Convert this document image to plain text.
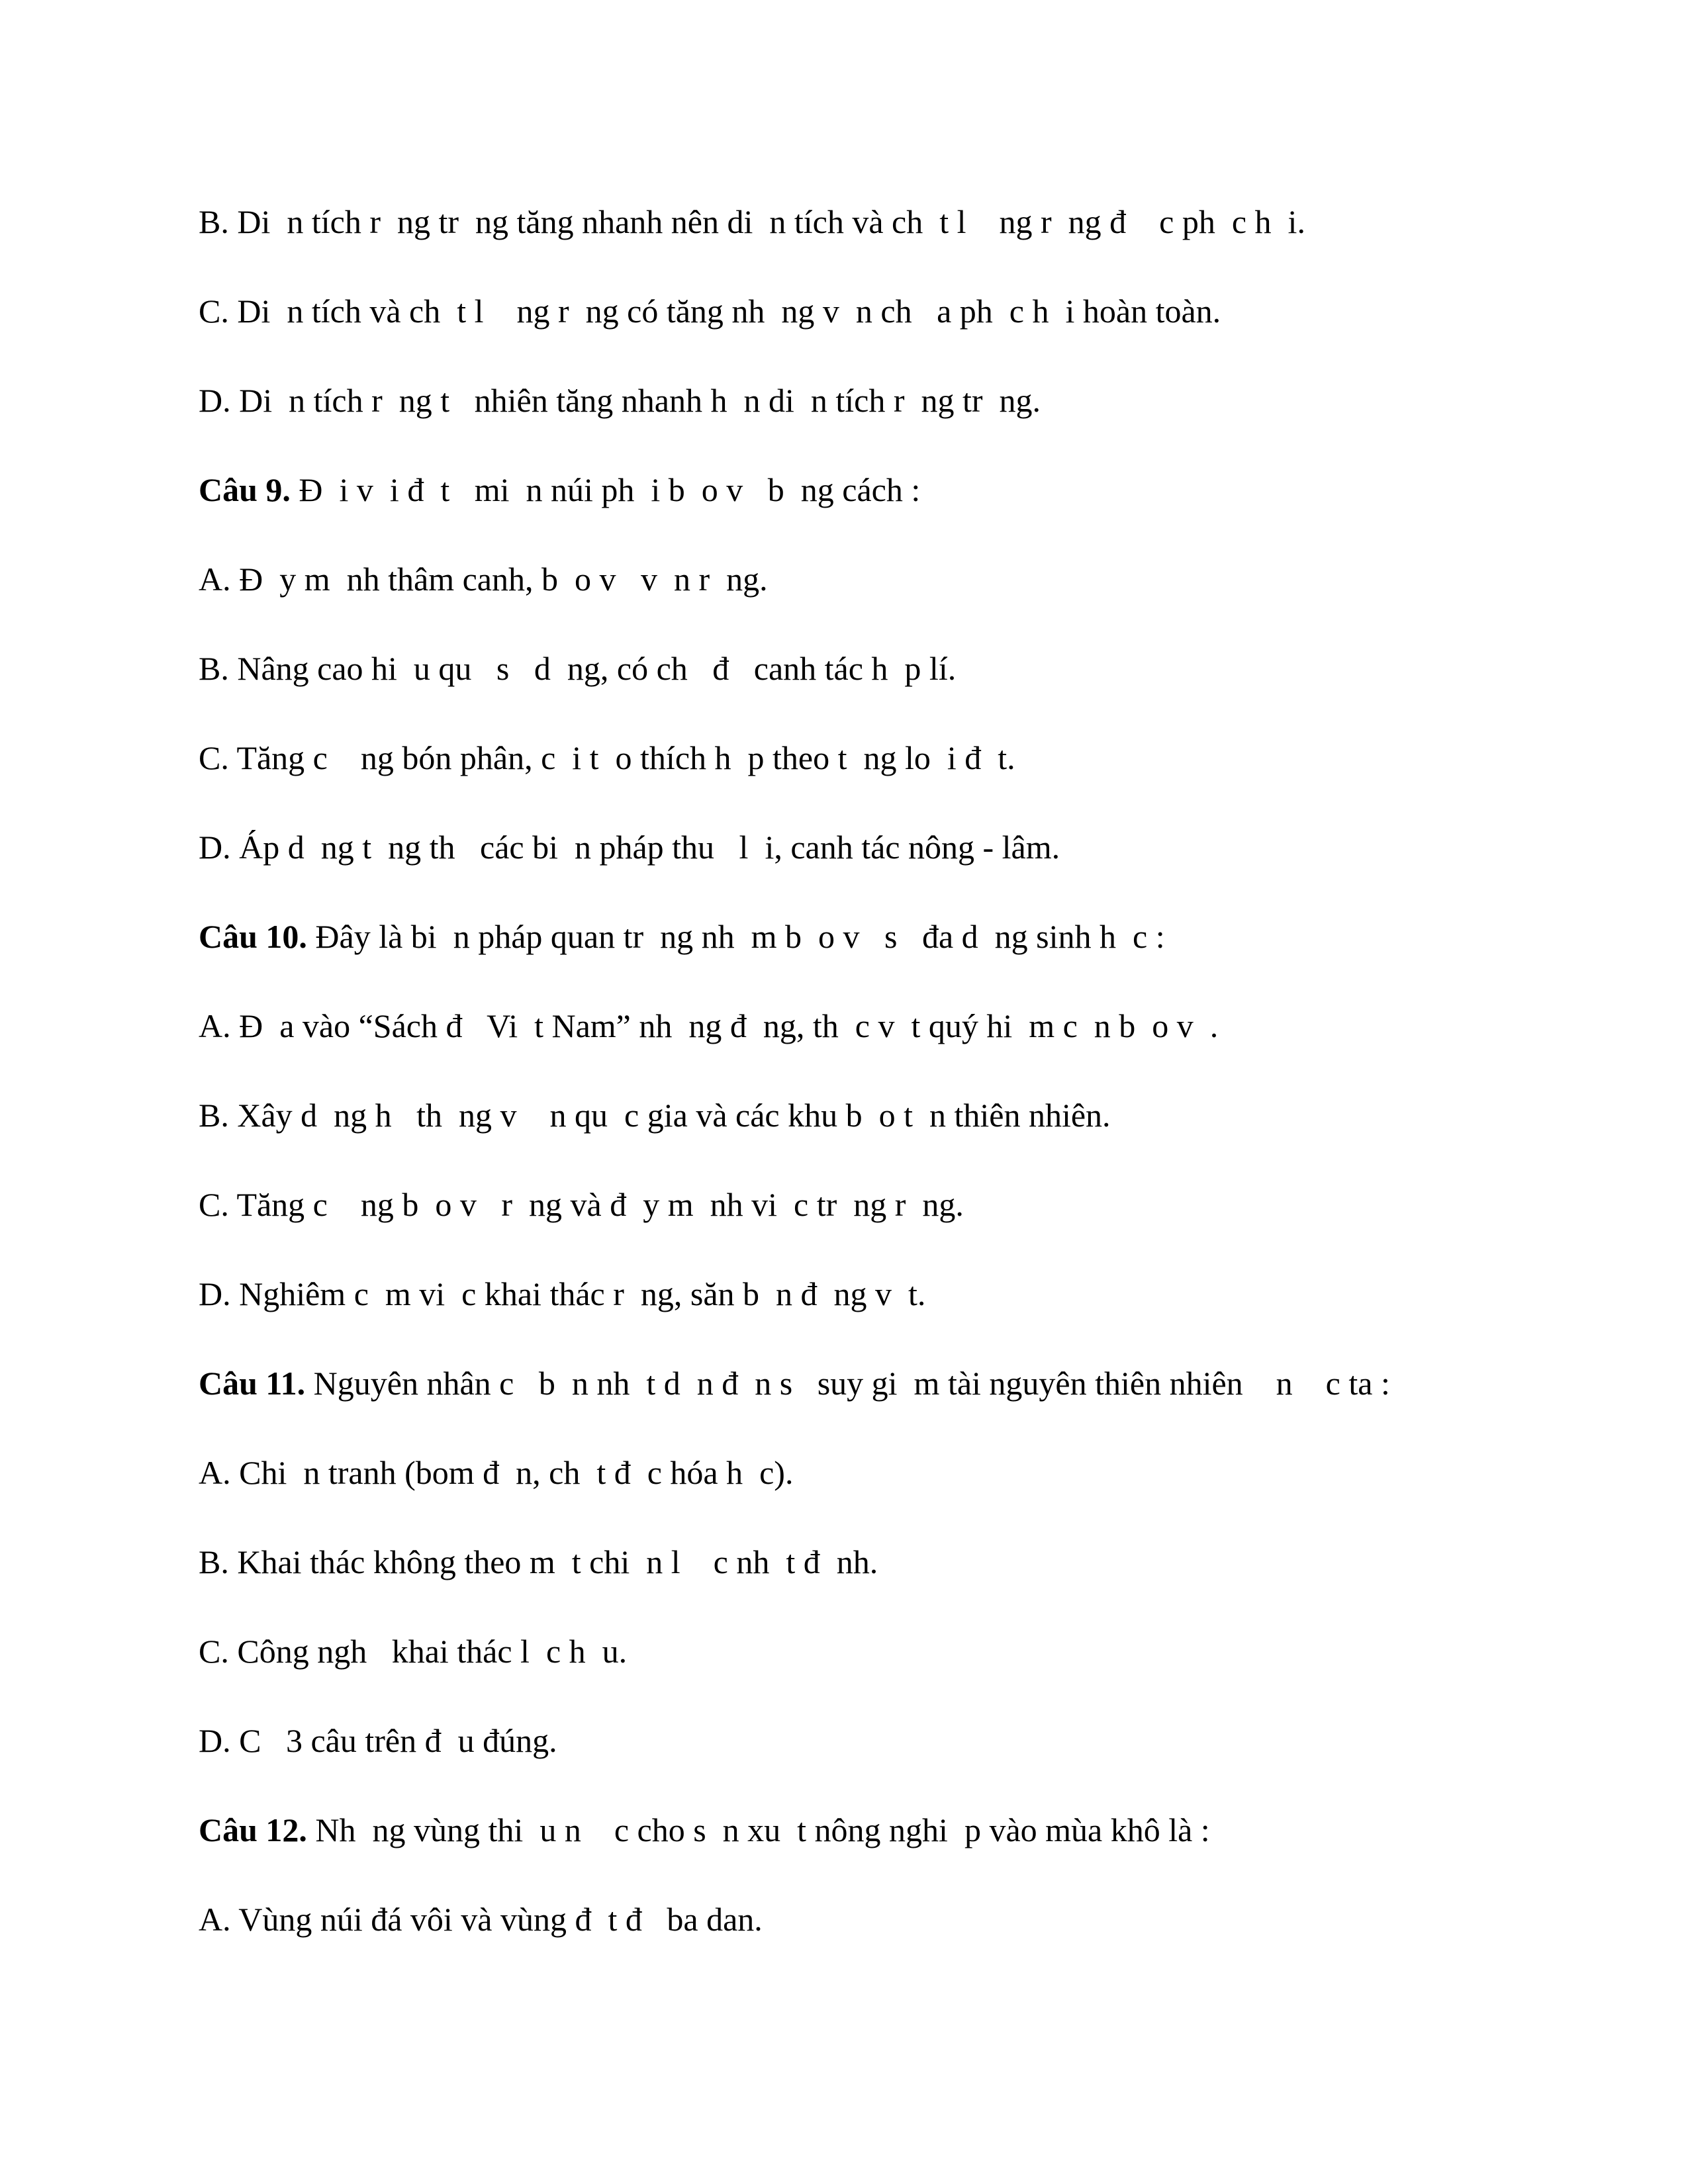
B. Di  n tích r  ng tr  ng tăng nhanh nên di  n tích và ch  t l    ng r  ng đ    c ph  c h  i.
C. Di  n tích và ch  t l    ng r  ng có tăng nh  ng v  n ch   a ph  c h  i hoàn toàn.
D. Di  n tích r  ng t   nhiên tăng nhanh h  n di  n tích r  ng tr  ng.
Câu 9. Đ  i v  i đ  t   mi  n núi ph  i b  o v   b  ng cách :
A. Đ  y m  nh thâm canh, b  o v   v  n r  ng.
B. Nâng cao hi  u qu   s   d  ng, có ch   đ   canh tác h  p lí.
C. Tăng c    ng bón phân, c  i t  o thích h  p theo t  ng lo  i đ  t.
D. Áp d  ng t  ng th   các bi  n pháp thu   l  i, canh tác nông - lâm.
Câu 10. Đây là bi  n pháp quan tr  ng nh  m b  o v   s   đa d  ng sinh h  c :
A. Đ  a vào “Sách đ   Vi  t Nam” nh  ng đ  ng, th  c v  t quý hi  m c  n b  o v  .
B. Xây d  ng h   th  ng v    n qu  c gia và các khu b  o t  n thiên nhiên.
C. Tăng c    ng b  o v   r  ng và đ  y m  nh vi  c tr  ng r  ng.
D. Nghiêm c  m vi  c khai thác r  ng, săn b  n đ  ng v  t.
Câu 11. Nguyên nhân c   b  n nh  t d  n đ  n s   suy gi  m tài nguyên thiên nhiên    n    c ta :
A. Chi  n tranh (bom đ  n, ch  t đ  c hóa h  c).
B. Khai thác không theo m  t chi  n l    c nh  t đ  nh.
C. Công ngh   khai thác l  c h  u.
D. C   3 câu trên đ  u đúng.
Câu 12. Nh  ng vùng thi  u n    c cho s  n xu  t nông nghi  p vào mùa khô là :
A. Vùng núi đá vôi và vùng đ  t đ   ba dan.
